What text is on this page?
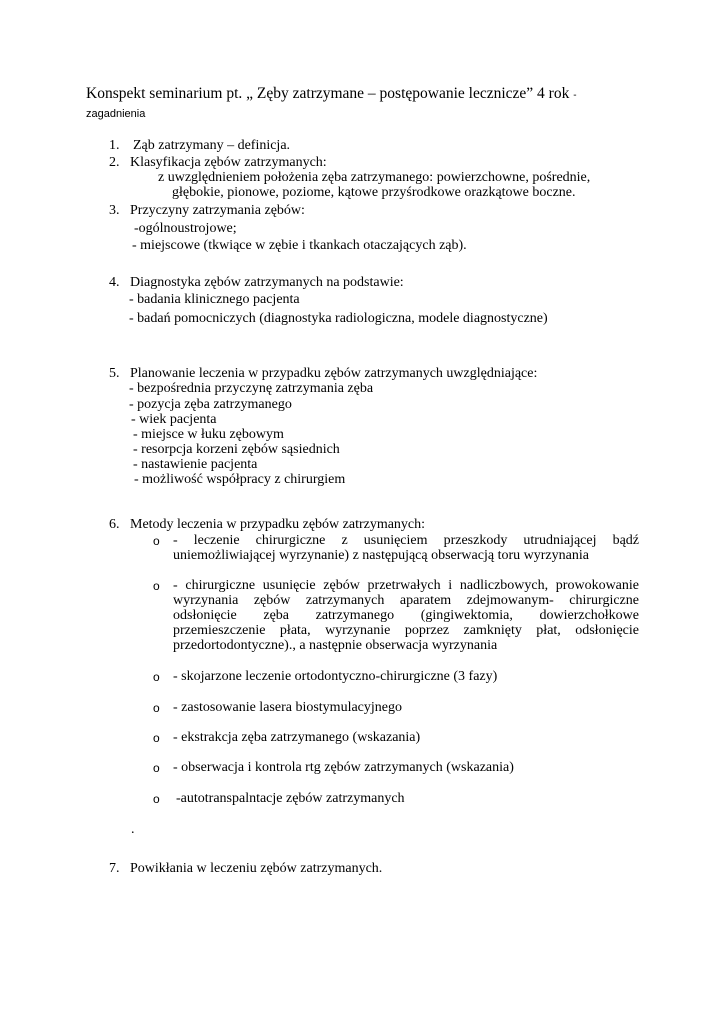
Konspekt seminarium pt. „ Zęby zatrzymane – postępowanie lecznicze” 4 rok -
zagadnienia
1. Ząb zatrzymany – definicja.
2. Klasyfikacja zębów zatrzymanych:
z uwzględnieniem położenia zęba zatrzymanego: powierzchowne, pośrednie,
głębokie, pionowe, poziome, kątowe przyśrodkowe orazkątowe boczne.
3. Przyczyny zatrzymania zębów:
-ogólnoustrojowe;
- miejscowe (tkwiące w zębie i tkankach otaczających ząb).
4. Diagnostyka zębów zatrzymanych na podstawie:
- badania klinicznego pacjenta
- badań pomocniczych (diagnostyka radiologiczna, modele diagnostyczne)
5. Planowanie leczenia w przypadku zębów zatrzymanych uwzględniające:
- bezpośrednia przyczynę zatrzymania zęba
- pozycja zęba zatrzymanego
- wiek pacjenta
- miejsce w łuku zębowym
- resorpcja korzeni zębów sąsiednich
- nastawienie pacjenta
- możliwość współpracy z chirurgiem
6. Metody leczenia w przypadku zębów zatrzymanych:
o - leczenie chirurgiczne z usunięciem przeszkody utrudniającej bądź
uniemożliwiającej wyrzynanie) z następującą obserwacją toru wyrzynania
o - chirurgiczne usunięcie zębów przetrwałych i nadliczbowych, prowokowanie
wyrzynania zębów zatrzymanych aparatem zdejmowanym- chirurgiczne
odsłonięcie zęba zatrzymanego (gingiwektomia, dowierzchołkowe
przemieszczenie płata, wyrzynanie poprzez zamknięty płat, odsłonięcie
przedortodontyczne)., a następnie obserwacja wyrzynania
o - skojarzone leczenie ortodontyczno-chirurgiczne (3 fazy)
o - zastosowanie lasera biostymulacyjnego
o - ekstrakcja zęba zatrzymanego (wskazania)
o - obserwacja i kontrola rtg zębów zatrzymanych (wskazania)
o -autotranspalntacje zębów zatrzymanych
.
7. Powikłania w leczeniu zębów zatrzymanych.
